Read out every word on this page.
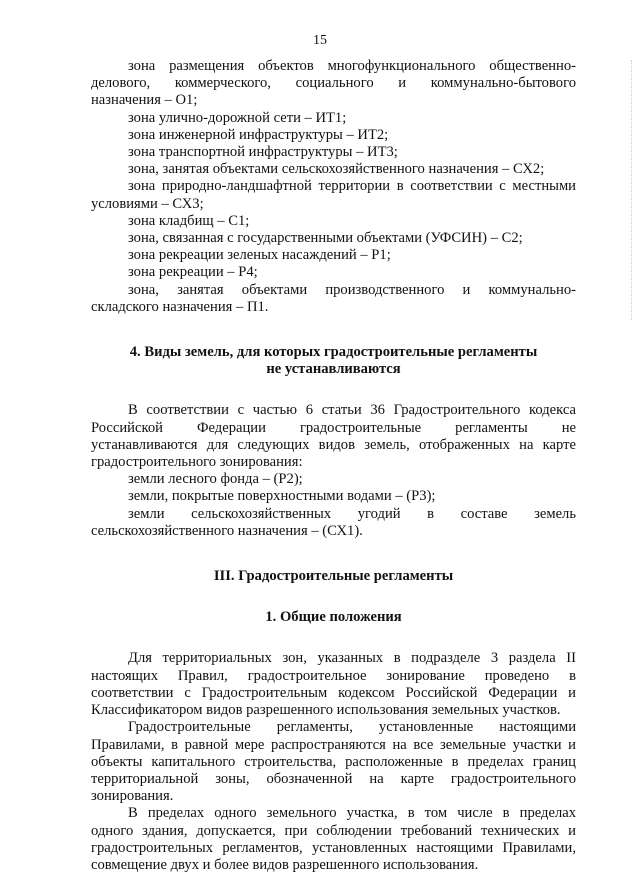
15
зона размещения объектов многофункционального общественно-
делового, коммерческого, социального и коммунально-бытового
назначения – О1;
зона улично-дорожной сети – ИТ1;
зона инженерной инфраструктуры – ИТ2;
зона транспортной инфраструктуры – ИТ3;
зона, занятая объектами сельскохозяйственного назначения – СХ2;
зона природно-ландшафтной территории в соответствии с местными
условиями – СХ3;
зона кладбищ – С1;
зона, связанная с государственными объектами (УФСИН) – С2;
зона рекреации зеленых насаждений – Р1;
зона рекреации – Р4;
зона, занятая объектами производственного и коммунально-
складского назначения – П1.
4. Виды земель, для которых градостроительные регламенты
не устанавливаются
В соответствии с частью 6 статьи 36 Градостроительного кодекса
Российской Федерации градостроительные регламенты не
устанавливаются для следующих видов земель, отображенных на карте
градостроительного зонирования:
земли лесного фонда – (Р2);
земли, покрытые поверхностными водами – (Р3);
земли сельскохозяйственных угодий в составе земель
сельскохозяйственного назначения – (СХ1).
III. Градостроительные регламенты
1. Общие положения
Для территориальных зон, указанных в подразделе 3 раздела II
настоящих Правил, градостроительное зонирование проведено в
соответствии с Градостроительным кодексом Российской Федерации и
Классификатором видов разрешенного использования земельных участков.
Градостроительные регламенты, установленные настоящими
Правилами, в равной мере распространяются на все земельные участки и
объекты капитального строительства, расположенные в пределах границ
территориальной зоны, обозначенной на карте градостроительного
зонирования.
В пределах одного земельного участка, в том числе в пределах
одного здания, допускается, при соблюдении требований технических и
градостроительных регламентов, установленных настоящими Правилами,
совмещение двух и более видов разрешенного использования.
